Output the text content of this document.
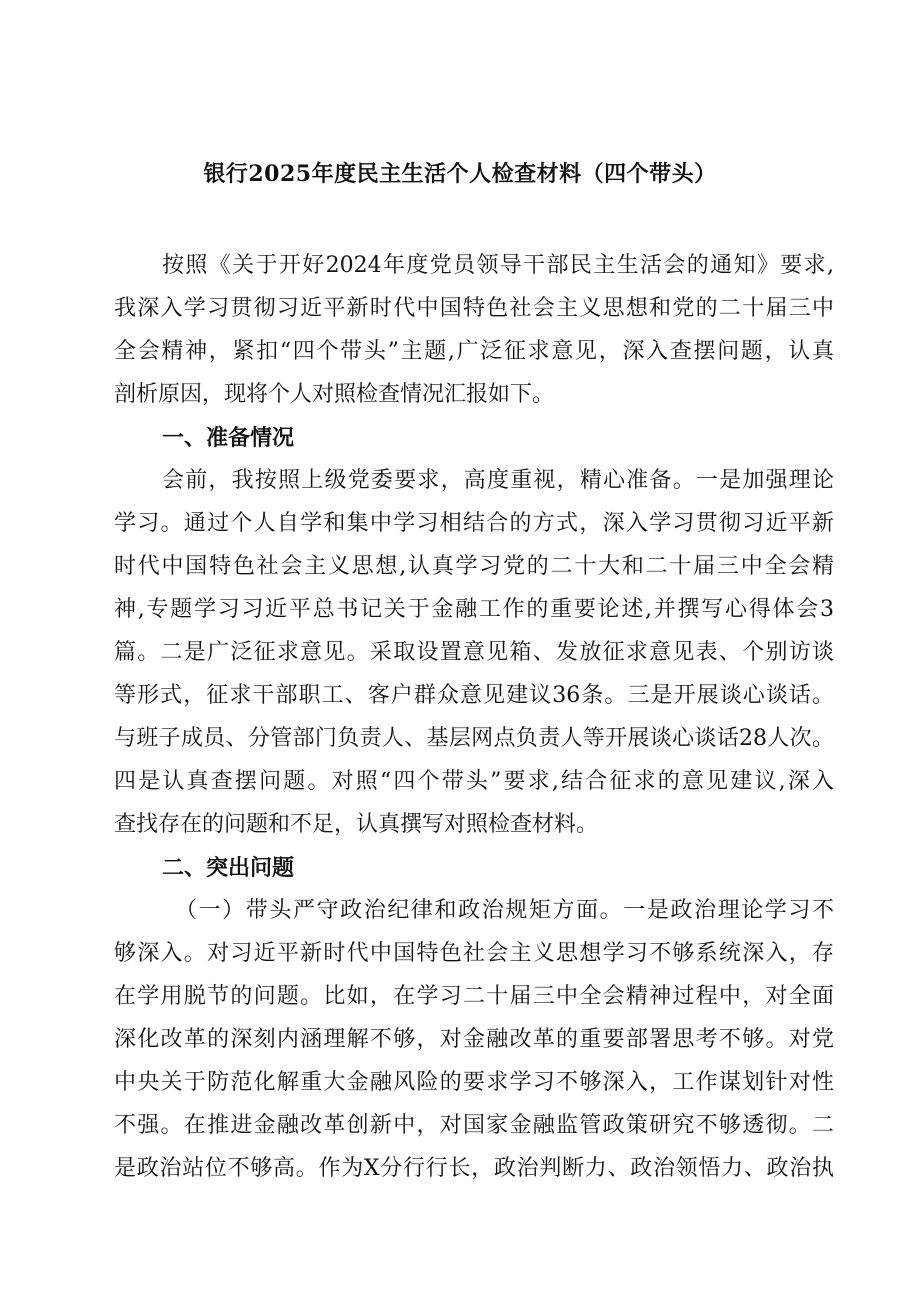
银行2025年度民主生活个人检查材料（四个带头）
按照《关于开好2024年度党员领导干部民主生活会的通知》要求,
我深入学习贯彻习近平新时代中国特色社会主义思想和党的二十届三中
全会精神，紧扣“四个带头”主题,广泛征求意见，深入查摆问题，认真
剖析原因，现将个人对照检查情况汇报如下。
一、准备情况
会前，我按照上级党委要求，高度重视，精心准备。一是加强理论
学习。通过个人自学和集中学习相结合的方式，深入学习贯彻习近平新
时代中国特色社会主义思想,认真学习党的二十大和二十届三中全会精
神,专题学习习近平总书记关于金融工作的重要论述,并撰写心得体会3
篇。二是广泛征求意见。采取设置意见箱、发放征求意见表、个别访谈
等形式，征求干部职工、客户群众意见建议36条。三是开展谈心谈话。
与班子成员、分管部门负责人、基层网点负责人等开展谈心谈话28人次。
四是认真查摆问题。对照“四个带头”要求,结合征求的意见建议,深入
查找存在的问题和不足，认真撰写对照检查材料。
二、突出问题
（一）带头严守政治纪律和政治规矩方面。一是政治理论学习不
够深入。对习近平新时代中国特色社会主义思想学习不够系统深入，存
在学用脱节的问题。比如，在学习二十届三中全会精神过程中，对全面
深化改革的深刻内涵理解不够，对金融改革的重要部署思考不够。对党
中央关于防范化解重大金融风险的要求学习不够深入，工作谋划针对性
不强。在推进金融改革创新中，对国家金融监管政策研究不够透彻。二
是政治站位不够高。作为X分行行长，政治判断力、政治领悟力、政治执
